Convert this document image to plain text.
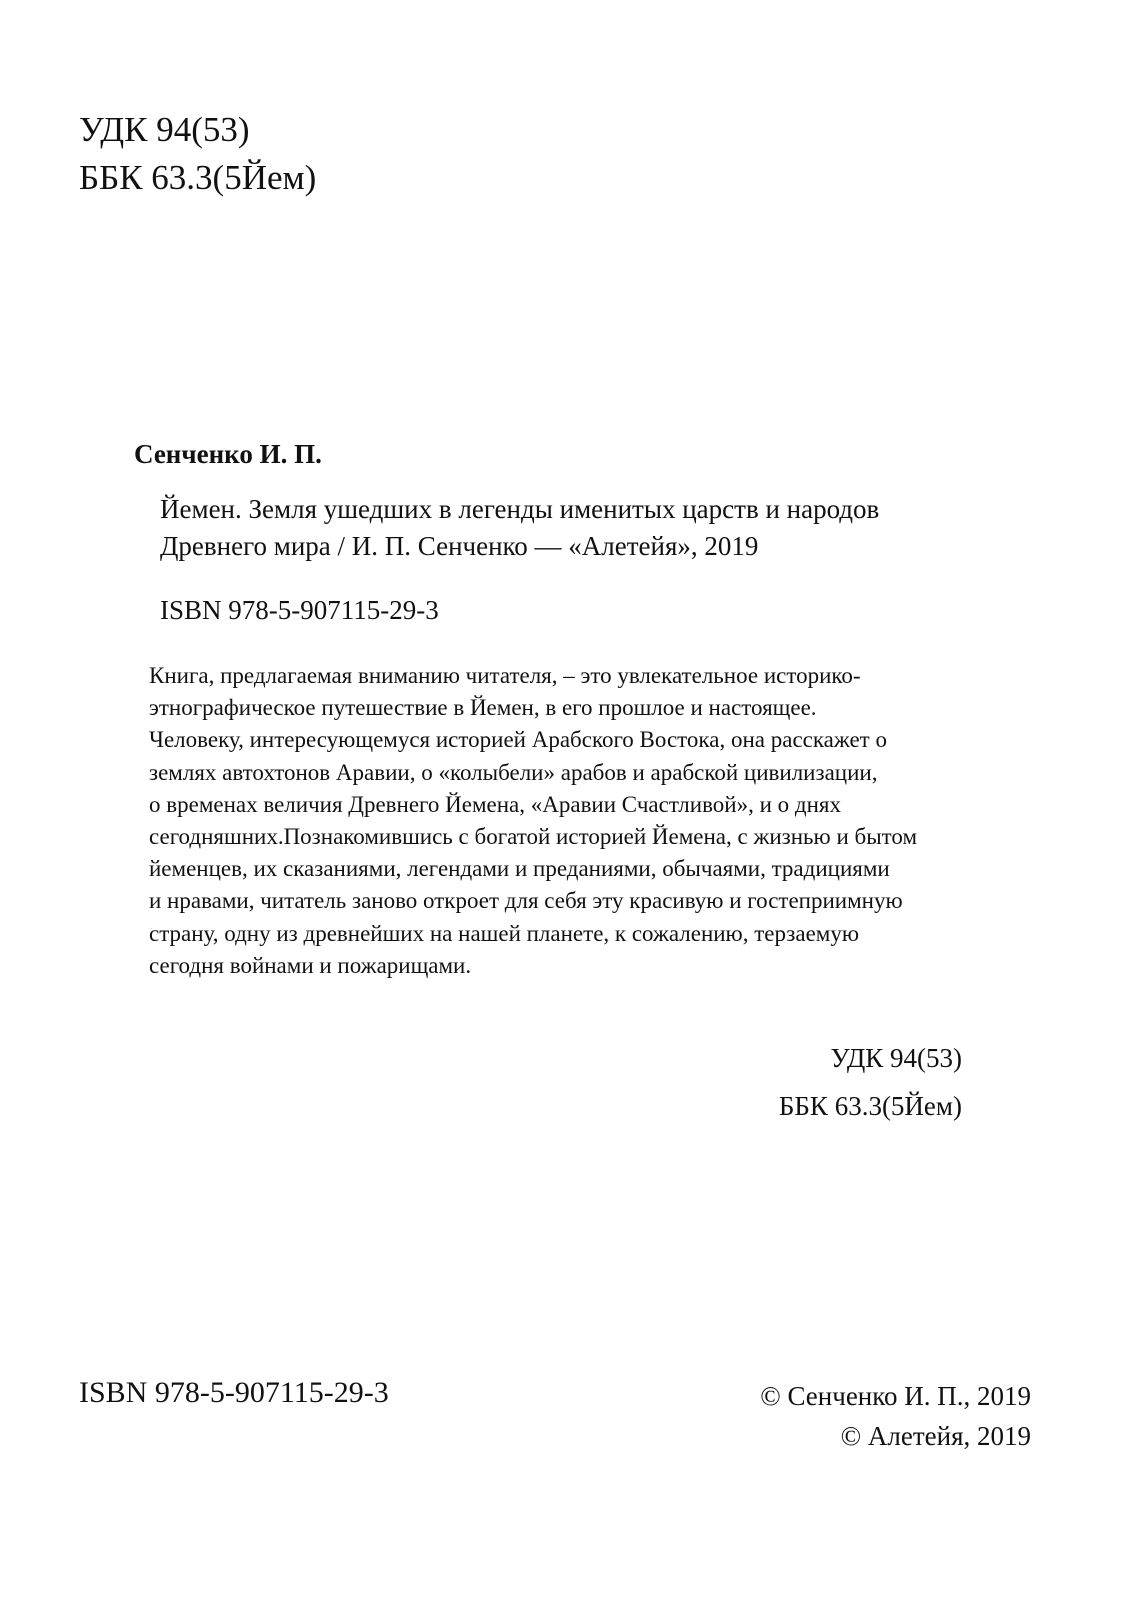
УДК 94(53)
ББК 63.3(5Йем)
Сенченко И. П.
Йемен. Земля ушедших в легенды именитых царств и народов
Древнего мира / И. П. Сенченко — «Алетейя», 2019
ISBN 978-5-907115-29-3
Книга, предлагаемая вниманию читателя, – это увлекательное историко-
этнографическое путешествие в Йемен, в его прошлое и настоящее.
Человеку, интересующемуся историей Арабского Востока, она расскажет о
землях автохтонов Аравии, о «колыбели» арабов и арабской цивилизации,
о временах величия Древнего Йемена, «Аравии Счастливой», и о днях
сегодняшних.Познакомившись с богатой историей Йемена, с жизнью и бытом
йеменцев, их сказаниями, легендами и преданиями, обычаями, традициями
и нравами, читатель заново откроет для себя эту красивую и гостеприимную
страну, одну из древнейших на нашей планете, к сожалению, терзаемую
сегодня войнами и пожарищами.
УДК 94(53)
ББК 63.3(5Йем)
ISBN 978-5-907115-29-3	© Сенченко И. П., 2019
© Алетейя, 2019
